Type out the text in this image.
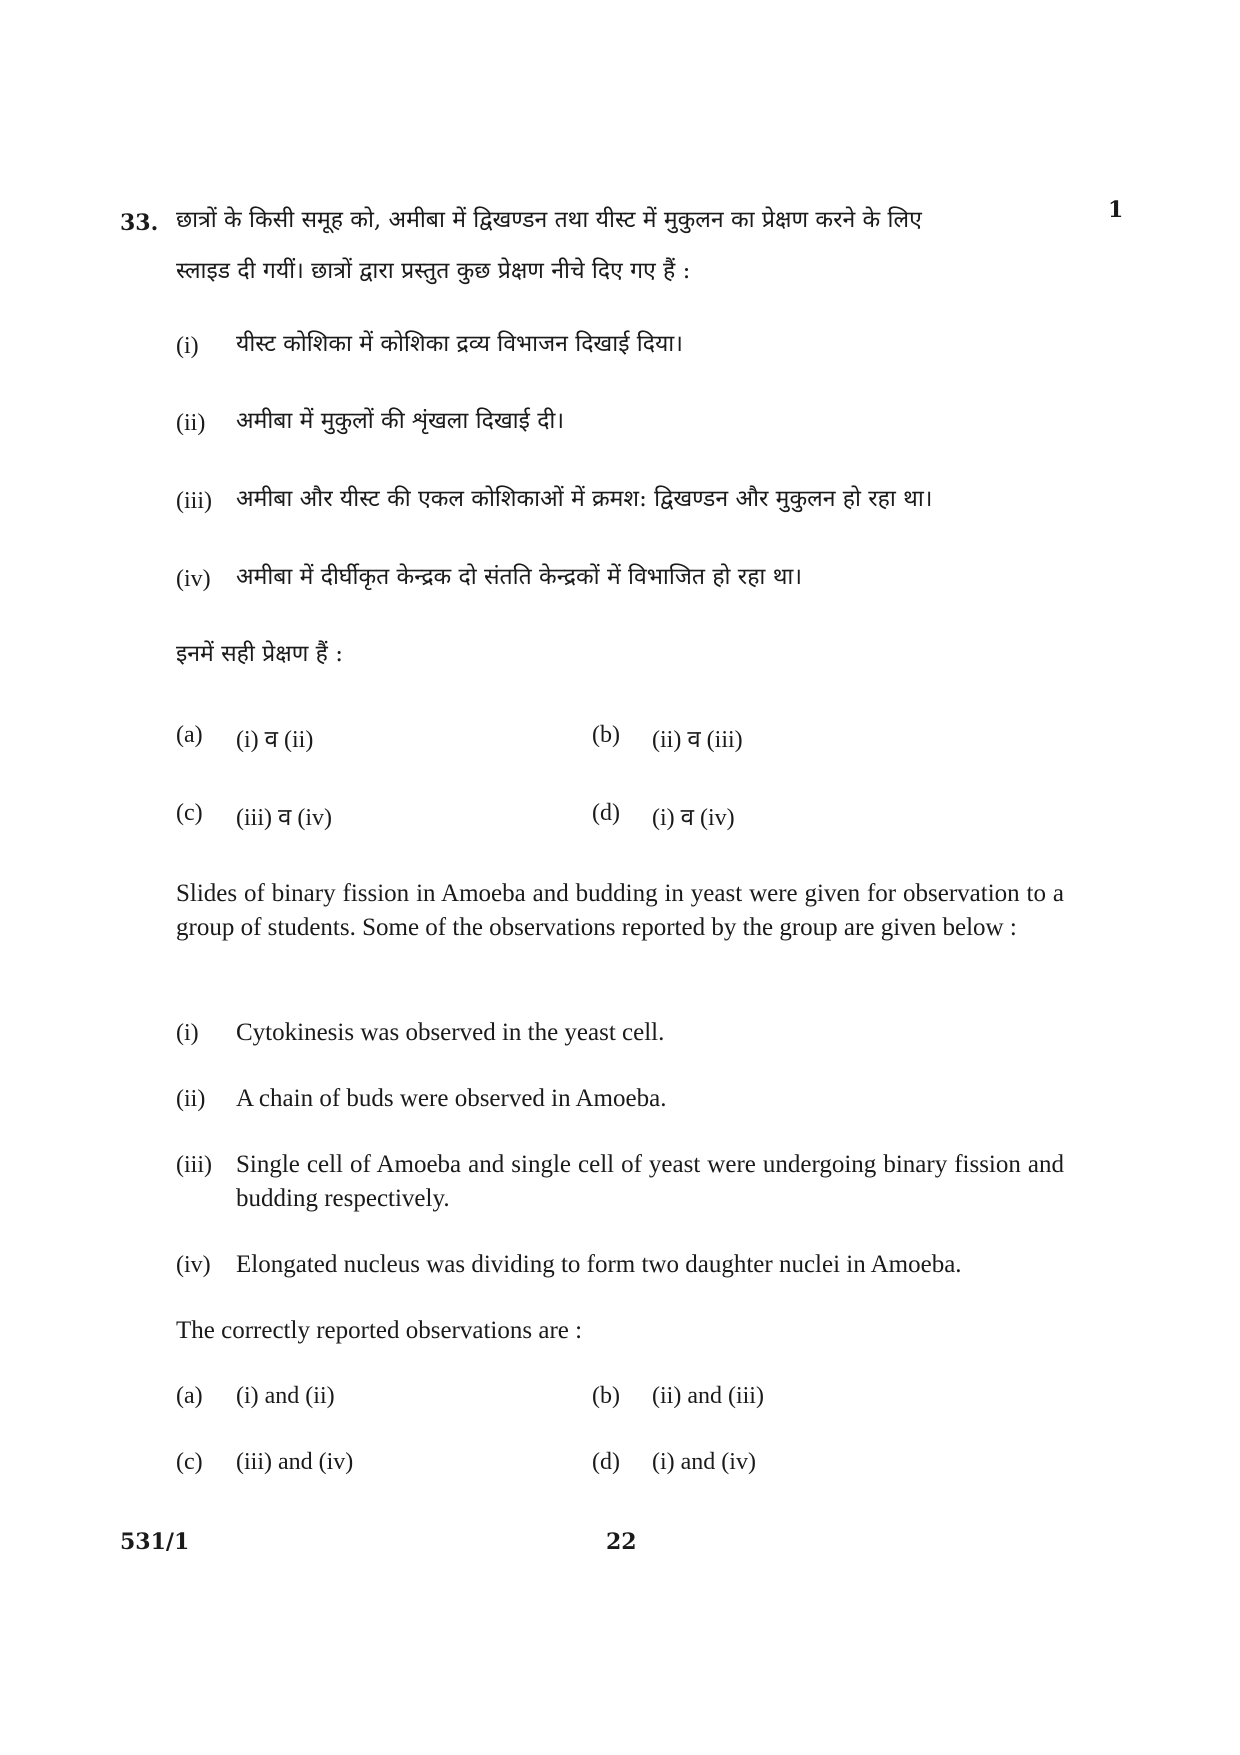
33.	1
छात्रों के किसी समूह को, अमीबा में द्विखण्डन तथा यीस्ट में मुकुलन का प्रेक्षण करने के लिए
स्लाइड दी गयीं। छात्रों द्वारा प्रस्तुत कुछ प्रेक्षण नीचे दिए गए हैं :
(i) यीस्ट कोशिका में कोशिका द्रव्य विभाजन दिखाई दिया।
(ii) अमीबा में मुकुलों की शृंखला दिखाई दी।
(iii) अमीबा और यीस्ट की एकल कोशिकाओं में क्रमश: द्विखण्डन और मुकुलन हो रहा था।
(iv) अमीबा में दीर्घीकृत केन्द्रक दो संतति केन्द्रकों में विभाजित हो रहा था।
इनमें सही प्रेक्षण हैं :
(a) (i) व (ii)	(b) (ii) व (iii)
(c) (iii) व (iv)	(d) (i) व (iv)
Slides of binary fission in Amoeba and budding in yeast were given for observation to a group of students. Some of the observations reported by the group are given below :
(i) Cytokinesis was observed in the yeast cell.
(ii) A chain of buds were observed in Amoeba.
(iii) Single cell of Amoeba and single cell of yeast were undergoing binary fission and budding respectively.
(iv) Elongated nucleus was dividing to form two daughter nuclei in Amoeba.
The correctly reported observations are :
(a) (i) and (ii)	(b) (ii) and (iii)
(c) (iii) and (iv)	(d) (i) and (iv)
531/1	22
